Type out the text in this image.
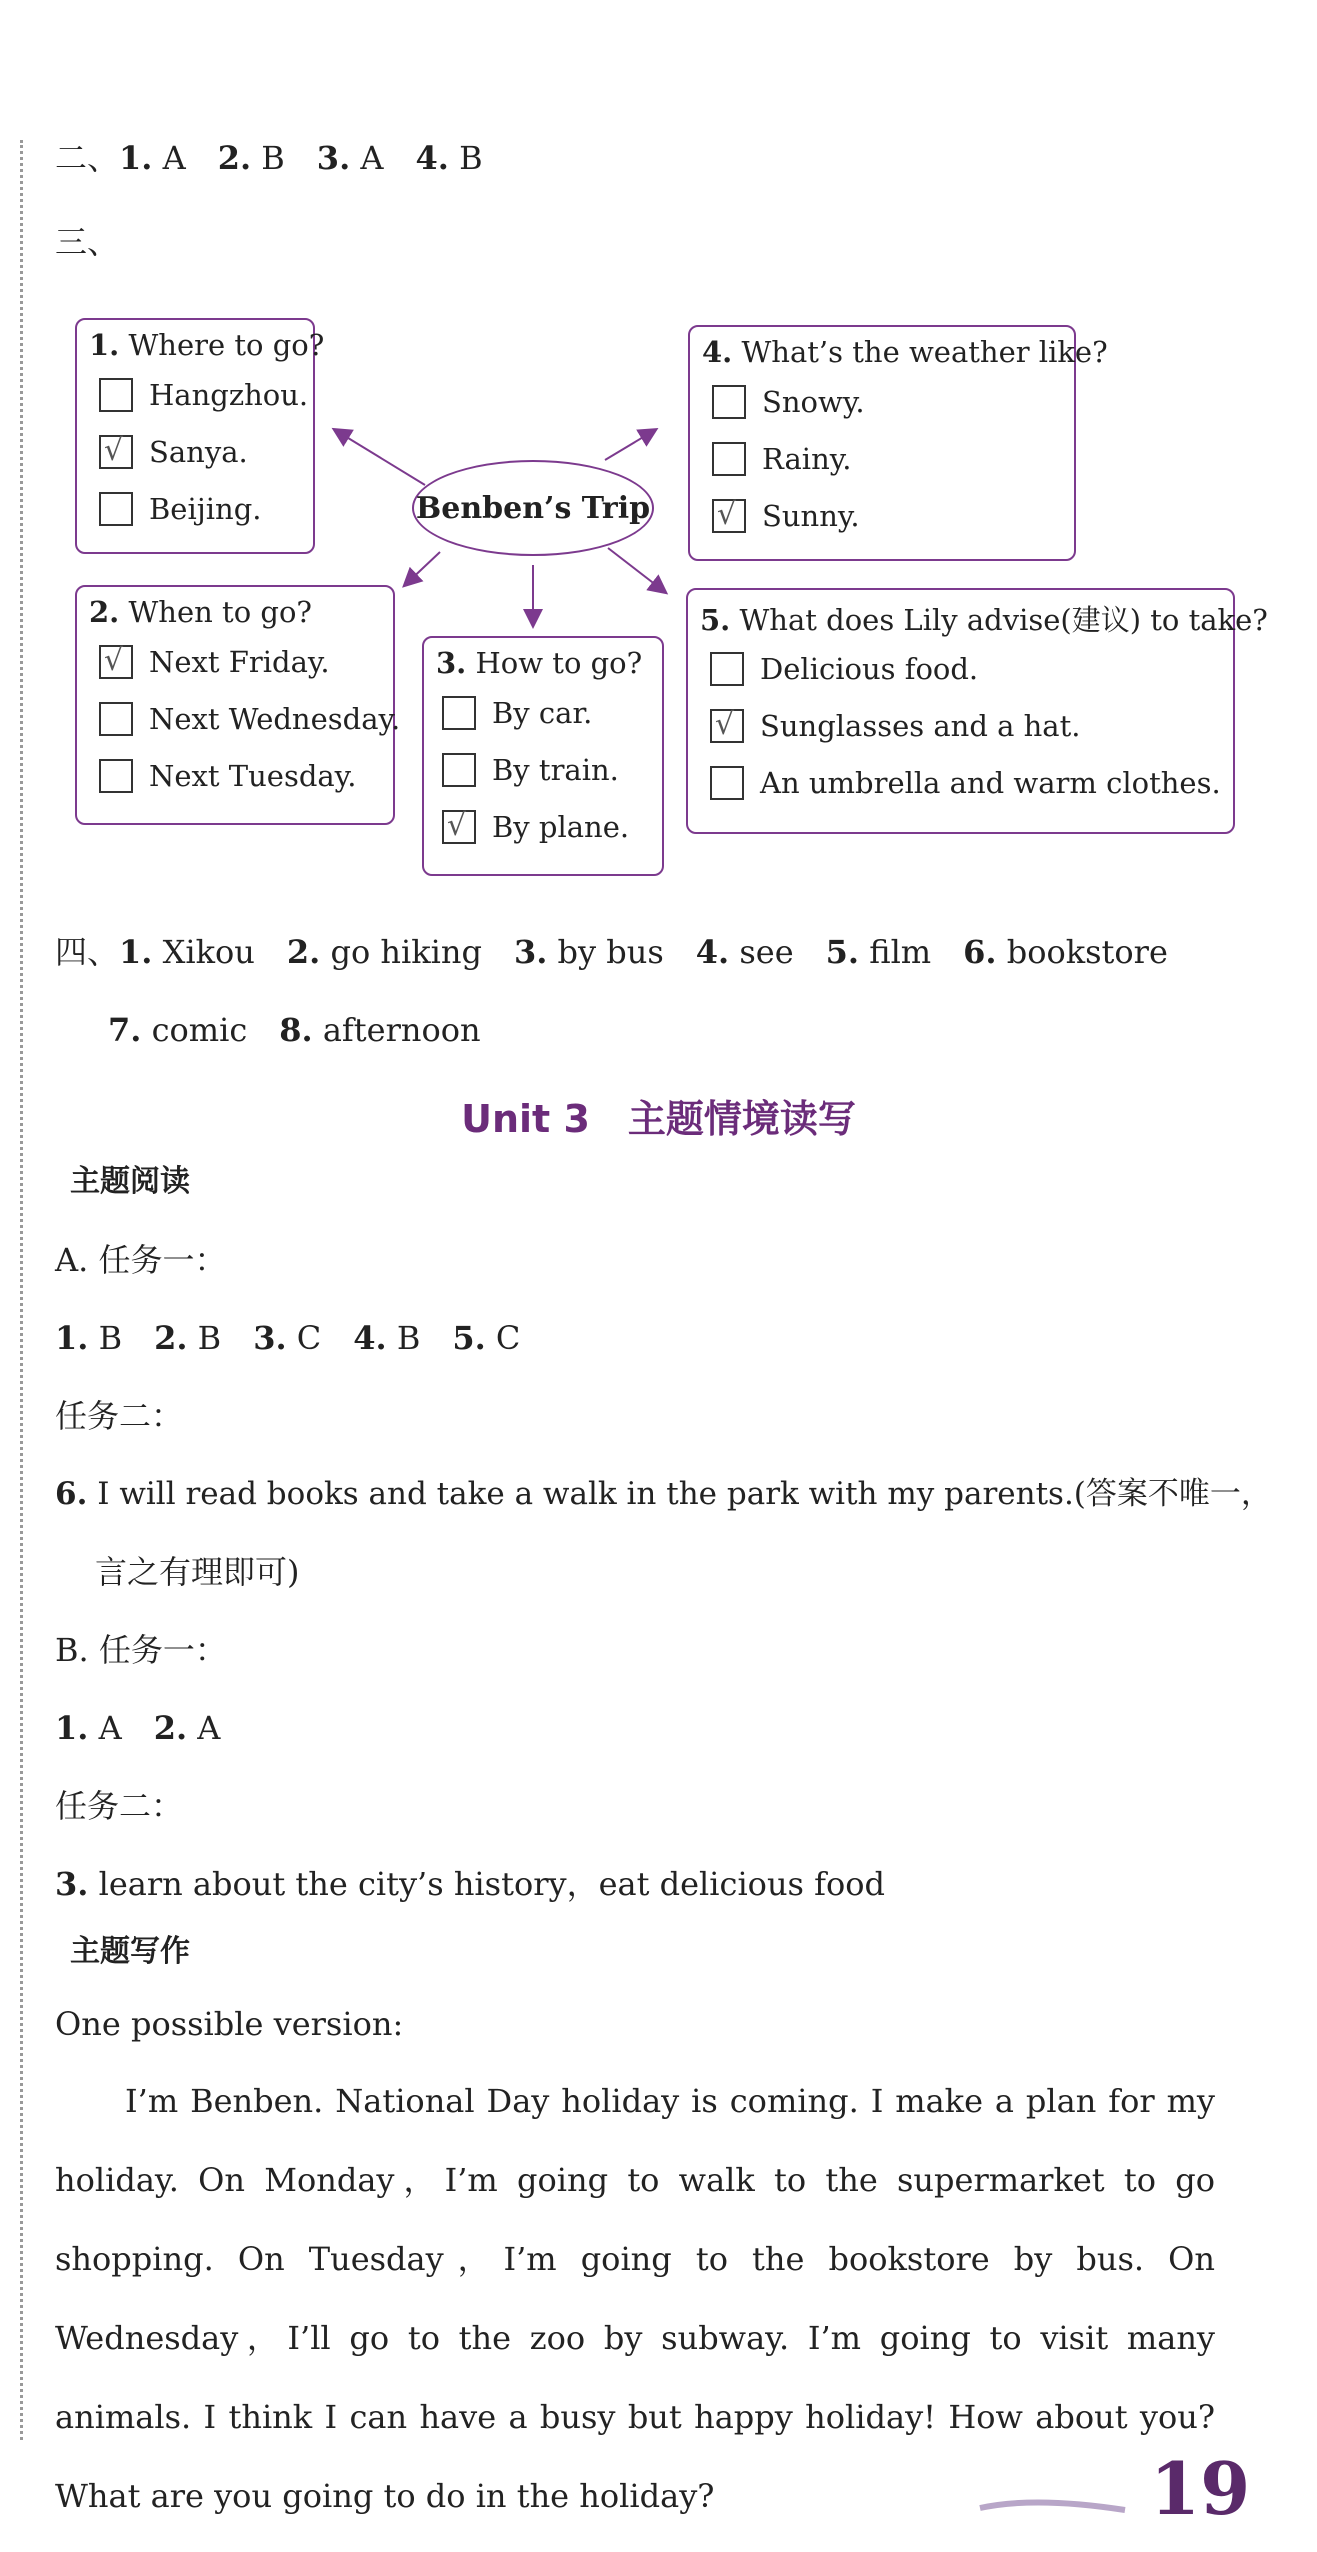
二、1. A 2. B 3. A 4. B
三、
1. Where to go?
Hangzhou.
√ Sanya.
Beijing.
4. What’s the weather like?
Snowy.
Rainy.
√ Sunny.
Benben’s Trip
2. When to go?
√ Next Friday.
Next Wednesday.
Next Tuesday.
3. How to go?
By car.
By train.
√ By plane.
5. What does Lily advise(建议) to take?
Delicious food.
√ Sunglasses and a hat.
An umbrella and warm clothes.
四、1. Xikou 2. go hiking 3. by bus 4. see 5. film 6. bookstore
7. comic 8. afternoon
Unit 3　主题情境读写
主题阅读
A. 任务一：
1. B 2. B 3. C 4. B 5. C
任务二：
6. I will read books and take a walk in the park with my parents.(答案不唯一，
言之有理即可)
B. 任务一：
1. A 2. A
任务二：
3. learn about the city’s history，eat delicious food
主题写作
One possible version:
I’m Benben. National Day holiday is coming. I make a plan for my holiday. On Monday，I’m going to walk to the supermarket to go shopping. On Tuesday，I’m going to the bookstore by bus. On Wednesday，I’ll go to the zoo by subway. I’m going to visit many animals. I think I can have a busy but happy holiday! How about you? What are you going to do in the holiday?	19
